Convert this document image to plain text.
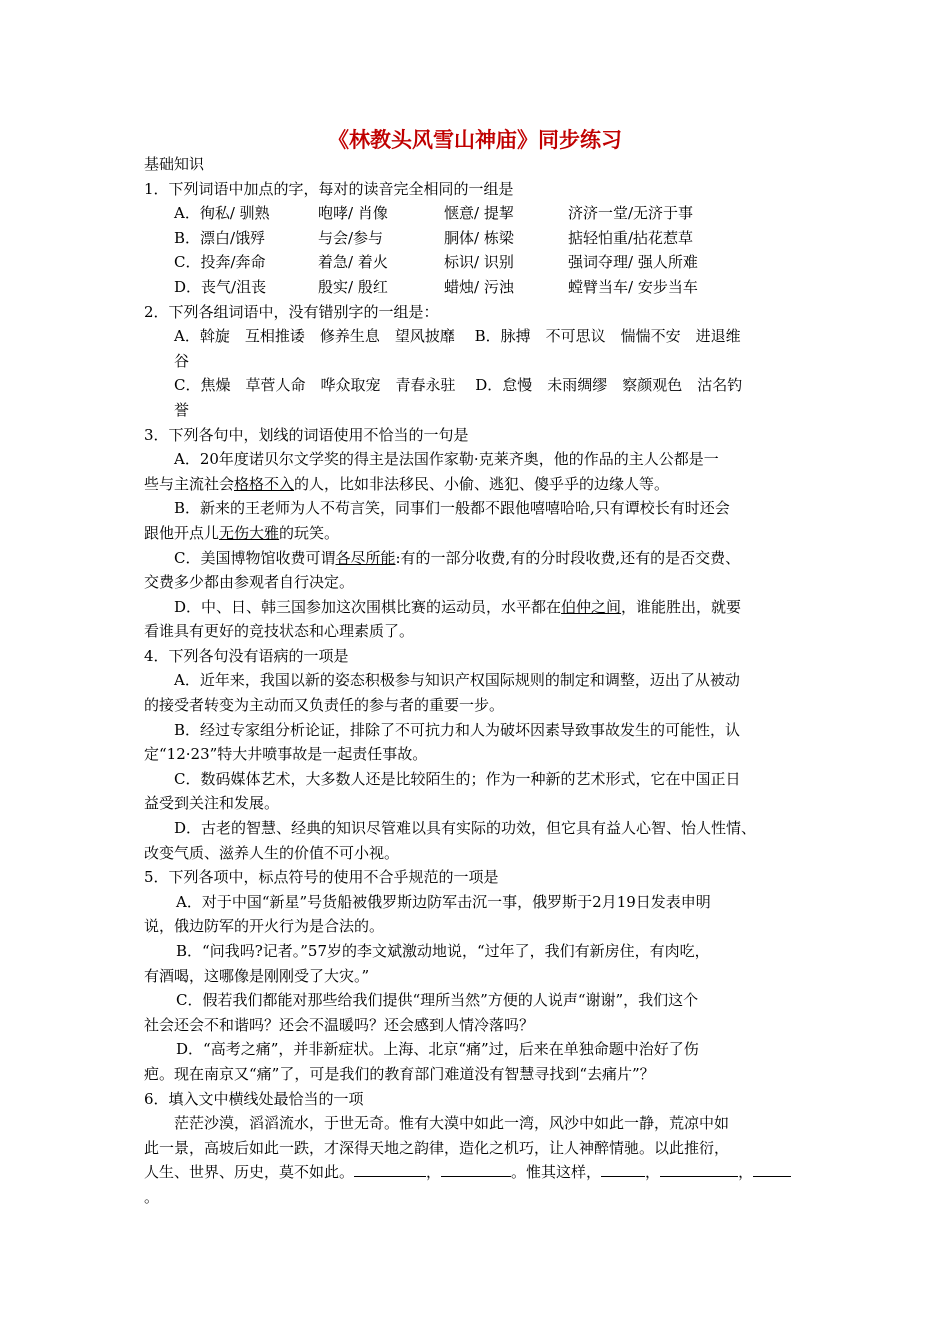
《林教头风雪山神庙》同步练习
基础知识
1．下列词语中加点的字，每对的读音完全相同的一组是
A．徇私/ 驯熟	咆哮/ 肖像	惬意/ 提挈	济济一堂/无济于事
B．漂白/饿殍	与会/参与	胴体/ 栋梁	掂轻怕重/拈花惹草
C．投奔/奔命	着急/ 着火	标识/ 识别	强词夺理/ 强人所难
D．丧气/沮丧	殷实/ 殷红	蜡烛/ 污浊	螳臂当车/ 安步当车
2．下列各组词语中，没有错别字的一组是：
A．斡旋　互相推诿　修养生息　望风披靡　 B．脉搏　不可思议　惴惴不安　进退维
谷
C．焦燥　草菅人命　哗众取宠　青春永驻　 D．怠慢　未雨绸缪　察颜观色　沽名钓
誉
3．下列各句中，划线的词语使用不恰当的一句是
A．20年度诺贝尔文学奖的得主是法国作家勒·克莱齐奥，他的作品的主人公都是一
些与主流社会格格不入的人，比如非法移民、小偷、逃犯、傻乎乎的边缘人等。
B．新来的王老师为人不苟言笑，同事们一般都不跟他嘻嘻哈哈,只有谭校长有时还会
跟他开点儿无伤大雅的玩笑。
C．美国博物馆收费可谓各尽所能:有的一部分收费,有的分时段收费,还有的是否交费、
交费多少都由参观者自行决定。
D．中、日、韩三国参加这次围棋比赛的运动员，水平都在伯仲之间，谁能胜出，就要
看谁具有更好的竞技状态和心理素质了。
4．下列各句没有语病的一项是
A．近年来，我国以新的姿态积极参与知识产权国际规则的制定和调整，迈出了从被动
的接受者转变为主动而又负责任的参与者的重要一步。
B．经过专家组分析论证，排除了不可抗力和人为破坏因素导致事故发生的可能性，认
定“12·23”特大井喷事故是一起责任事故。
C．数码媒体艺术，大多数人还是比较陌生的；作为一种新的艺术形式，它在中国正日
益受到关注和发展。
D．古老的智慧、经典的知识尽管难以具有实际的功效，但它具有益人心智、怡人性情、
改变气质、滋养人生的价值不可小视。
5．下列各项中，标点符号的使用不合乎规范的一项是
A．对于中国“新星”号货船被俄罗斯边防军击沉一事，俄罗斯于2月19日发表申明
说，俄边防军的开火行为是合法的。
B．“问我吗?记者。”57岁的李文斌激动地说，“过年了，我们有新房住，有肉吃，
有酒喝，这哪像是刚刚受了大灾。”
C．假若我们都能对那些给我们提供“理所当然”方便的人说声“谢谢”，我们这个
社会还会不和谐吗？还会不温暖吗？还会感到人情冷落吗？
D．“高考之痛”，并非新症状。上海、北京“痛”过，后来在单独命题中治好了伤
疤。现在南京又“痛”了，可是我们的教育部门难道没有智慧寻找到“去痛片”？
6．填入文中横线处最恰当的一项
茫茫沙漠，滔滔流水，于世无奇。惟有大漠中如此一湾，风沙中如此一静，荒凉中如
此一景，高坡后如此一跌，才深得天地之韵律，造化之机巧，让人神醉情驰。以此推衍，
人生、世界、历史，莫不如此。	，	。惟其这样，	，	，
。
